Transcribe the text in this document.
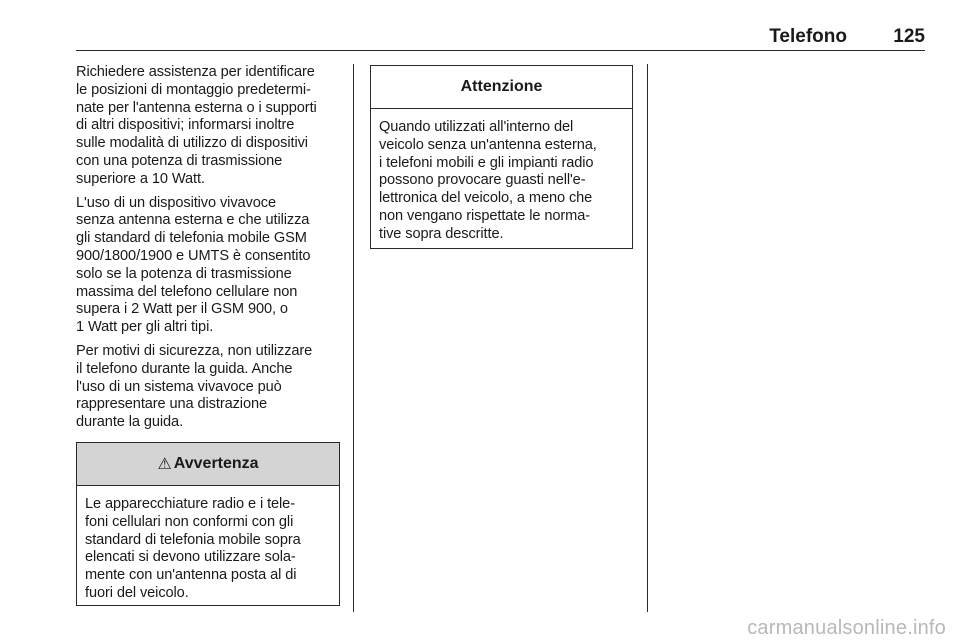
Telefono 125

Richiedere assistenza per identificare
le posizioni di montaggio predetermi-
nate per l'antenna esterna o i supporti
di altri dispositivi; informarsi inoltre
sulle modalità di utilizzo di dispositivi
con una potenza di trasmissione
superiore a 10 Watt.

L'uso di un dispositivo vivavoce
senza antenna esterna e che utilizza
gli standard di telefonia mobile GSM
900/1800/1900 e UMTS è consentito
solo se la potenza di trasmissione
massima del telefono cellulare non
supera i 2 Watt per il GSM 900, o
1 Watt per gli altri tipi.

Per motivi di sicurezza, non utilizzare
il telefono durante la guida. Anche
l'uso di un sistema vivavoce può
rappresentare una distrazione
durante la guida.

⚠ Avvertenza
Le apparecchiature radio e i tele-
foni cellulari non conformi con gli
standard di telefonia mobile sopra
elencati si devono utilizzare sola-
mente con un'antenna posta al di
fuori del veicolo.
Attenzione
Quando utilizzati all'interno del
veicolo senza un'antenna esterna,
i telefoni mobili e gli impianti radio
possono provocare guasti nell'e-
lettronica del veicolo, a meno che
non vengano rispettate le norma-
tive sopra descritte.
carmanualsonline.info
